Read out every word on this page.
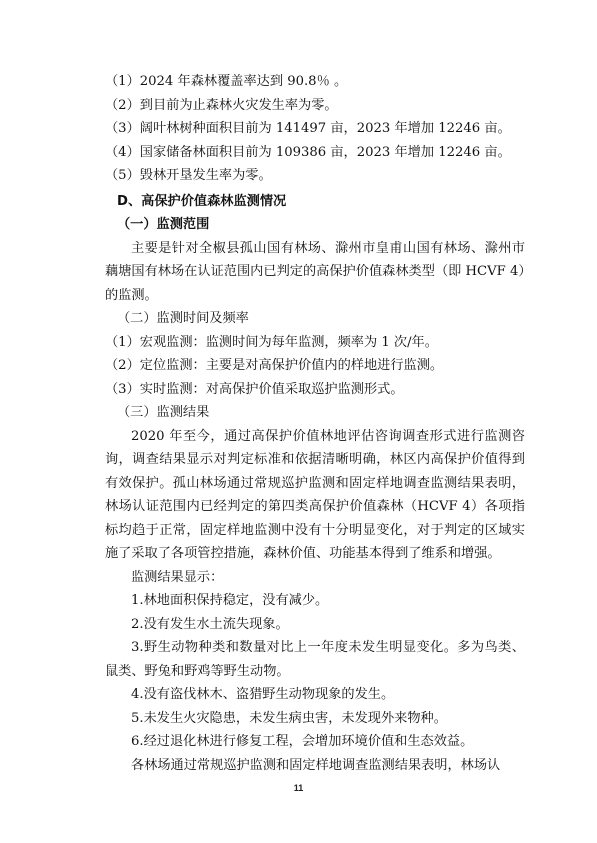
（1）2024 年森林覆盖率达到 90.8％ 。
（2）到目前为止森林火灾发生率为零。
（3）阔叶林树种面积目前为 141497 亩，2023 年增加 12246 亩。
（4）国家储备林面积目前为 109386 亩，2023 年增加 12246 亩。
（5）毁林开垦发生率为零。
D、高保护价值森林监测情况
（一）监测范围
主要是针对全椒县孤山国有林场、滁州市皇甫山国有林场、滁州市藕塘国有林场在认证范围内已判定的高保护价值森林类型（即 HCVF 4）的监测。
（二）监测时间及频率
（1）宏观监测：监测时间为每年监测，频率为 1 次/年。
（2）定位监测：主要是对高保护价值内的样地进行监测。
（3）实时监测：对高保护价值采取巡护监测形式。
（三）监测结果
2020 年至今，通过高保护价值林地评估咨询调查形式进行监测咨询，调查结果显示对判定标准和依据清晰明确，林区内高保护价值得到有效保护。孤山林场通过常规巡护监测和固定样地调查监测结果表明，林场认证范围内已经判定的第四类高保护价值森林（HCVF 4）各项指标均趋于正常，固定样地监测中没有十分明显变化，对于判定的区域实施了采取了各项管控措施，森林价值、功能基本得到了维系和增强。
监测结果显示：
1.林地面积保持稳定，没有减少。
2.没有发生水土流失现象。
3.野生动物种类和数量对比上一年度未发生明显变化。多为鸟类、鼠类、野兔和野鸡等野生动物。
4.没有盗伐林木、盗猎野生动物现象的发生。
5.未发生火灾隐患，未发生病虫害，未发现外来物种。
6.经过退化林进行修复工程，会增加环境价值和生态效益。
各林场通过常规巡护监测和固定样地调查监测结果表明，林场认
11
